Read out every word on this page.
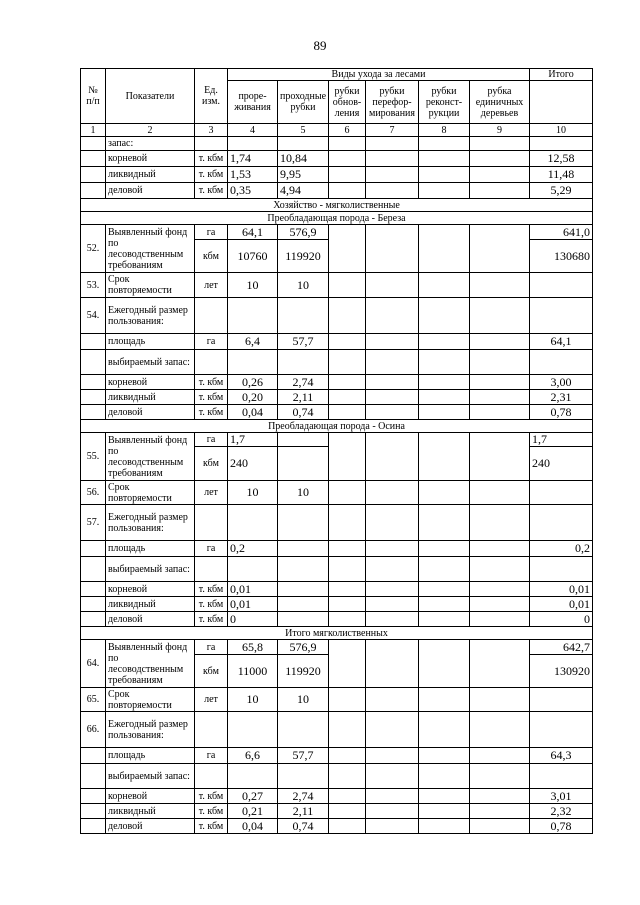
89
№ п/п	Показатели	Ед. изм.	Виды ухода за лесами						Итого
			прорe-живания	проходные рубки	рубки обнов-ления	рубки перефор-мирования	рубки реконст-рукции	рубка единичных деревьев	
1	2	3	4	5	6	7	8	9	10
	запас:								
	корневой	т. кбм	1,74	10,84					12,58
	ликвидный	т. кбм	1,53	9,95					11,48
	деловой	т. кбм	0,35	4,94					5,29
Хозяйство - мягколиственные									
Преобладающая порода - Береза									
52.	Выявленный фонд по лесоводственным требованиям	га	64,1	576,9					641,0
		кбм	10760	119920					130680
53.	Срок повторяемости	лет	10	10					
54.	Ежегодный размер пользования:								
	площадь	га	6,4	57,7					64,1
	выбираемый запас:								
	корневой	т. кбм	0,26	2,74					3,00
	ликвидный	т. кбм	0,20	2,11					2,31
	деловой	т. кбм	0,04	0,74					0,78
Преобладающая порода - Осина									
55.	Выявленный фонд по лесоводственным требованиям	га	1,7						1,7
		кбм	240						240
56.	Срок повторяемости	лет	10	10					
57.	Ежегодный размер пользования:								
	площадь	га	0,2						0,2
	выбираемый запас:								
	корневой	т. кбм	0,01						0,01
	ликвидный	т. кбм	0,01						0,01
	деловой	т. кбм	0						0
Итого мягколиственных									
64.	Выявленный фонд по лесоводственным требованиям	га	65,8	576,9					642,7
		кбм	11000	119920					130920
65.	Срок повторяемости	лет	10	10					
66.	Ежегодный размер пользования:								
	площадь	га	6,6	57,7					64,3
	выбираемый запас:								
	корневой	т. кбм	0,27	2,74					3,01
	ликвидный	т. кбм	0,21	2,11					2,32
	деловой	т. кбм	0,04	0,74					0,78
